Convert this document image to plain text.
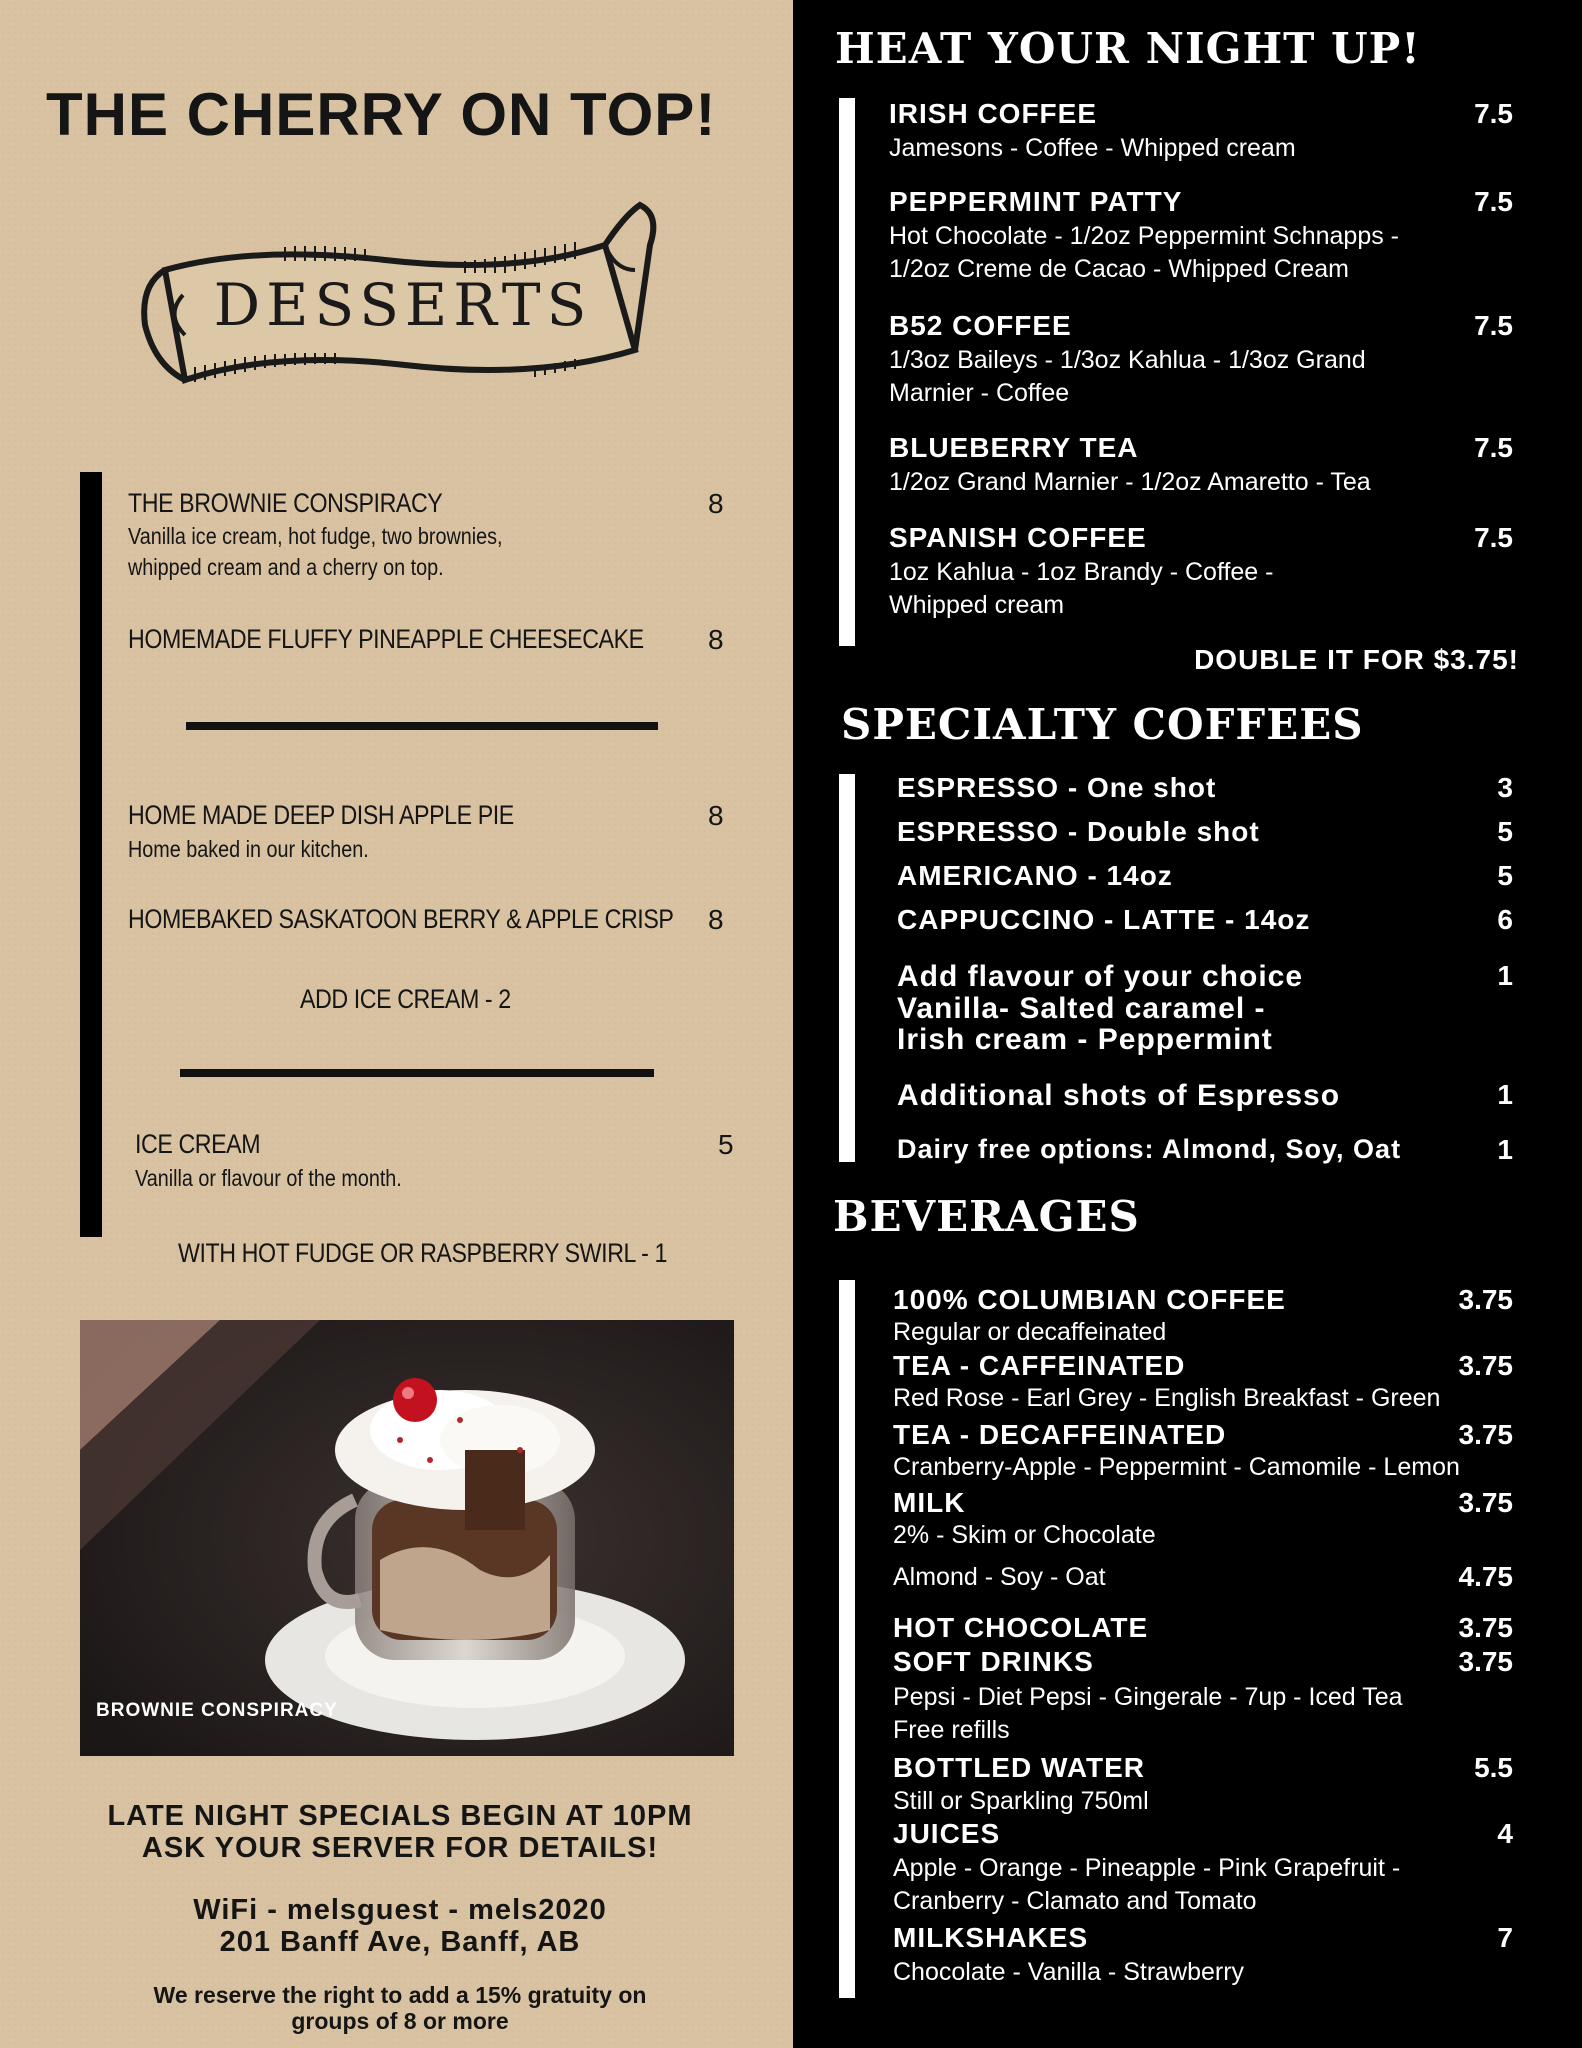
THE CHERRY ON TOP!
DESSERTS
THE BROWNIE CONSPIRACY	8
Vanilla ice cream, hot fudge, two brownies,
whipped cream and a cherry on top.
HOMEMADE FLUFFY PINEAPPLE CHEESECAKE 8
HOME MADE DEEP DISH APPLE PIE	8
Home baked in our kitchen.
HOMEBAKED SASKATOON BERRY & APPLE CRISP 8
ADD ICE CREAM - 2
ICE CREAM	5
Vanilla or flavour of the month.
WITH HOT FUDGE OR RASPBERRY SWIRL - 1
BROWNIE CONSPIRACY
LATE NIGHT SPECIALS BEGIN AT 10PM
ASK YOUR SERVER FOR DETAILS!
WiFi - melsguest - mels2020
201 Banff Ave, Banff, AB
We reserve the right to add a 15% gratuity on
groups of 8 or more
HEAT YOUR NIGHT UP!
IRISH COFFEE	7.5
Jamesons - Coffee - Whipped cream
PEPPERMINT PATTY	7.5
Hot Chocolate - 1/2oz Peppermint Schnapps -
1/2oz Creme de Cacao - Whipped Cream
B52 COFFEE	7.5
1/3oz Baileys - 1/3oz Kahlua - 1/3oz Grand
Marnier - Coffee
BLUEBERRY TEA	7.5
1/2oz Grand Marnier - 1/2oz Amaretto - Tea
SPANISH COFFEE	7.5
1oz Kahlua - 1oz Brandy - Coffee -
Whipped cream
DOUBLE IT FOR $3.75!
SPECIALTY COFFEES
ESPRESSO - One shot	3
ESPRESSO - Double shot	5
AMERICANO - 14oz	5
CAPPUCCINO - LATTE - 14oz	6
Add flavour of your choice	1
Vanilla- Salted caramel -
Irish cream - Peppermint
Additional shots of Espresso	1
Dairy free options: Almond, Soy, Oat	1
BEVERAGES
100% COLUMBIAN COFFEE	3.75
Regular or decaffeinated
TEA - CAFFEINATED	3.75
Red Rose - Earl Grey - English Breakfast - Green
TEA - DECAFFEINATED	3.75
Cranberry-Apple - Peppermint - Camomile - Lemon
MILK	3.75
2% - Skim or Chocolate
Almond - Soy - Oat	4.75
HOT CHOCOLATE	3.75
SOFT DRINKS	3.75
Pepsi - Diet Pepsi - Gingerale - 7up - Iced Tea
Free refills
BOTTLED WATER	5.5
Still or Sparkling 750ml
JUICES	4
Apple - Orange - Pineapple - Pink Grapefruit -
Cranberry - Clamato and Tomato
MILKSHAKES	7
Chocolate - Vanilla - Strawberry
